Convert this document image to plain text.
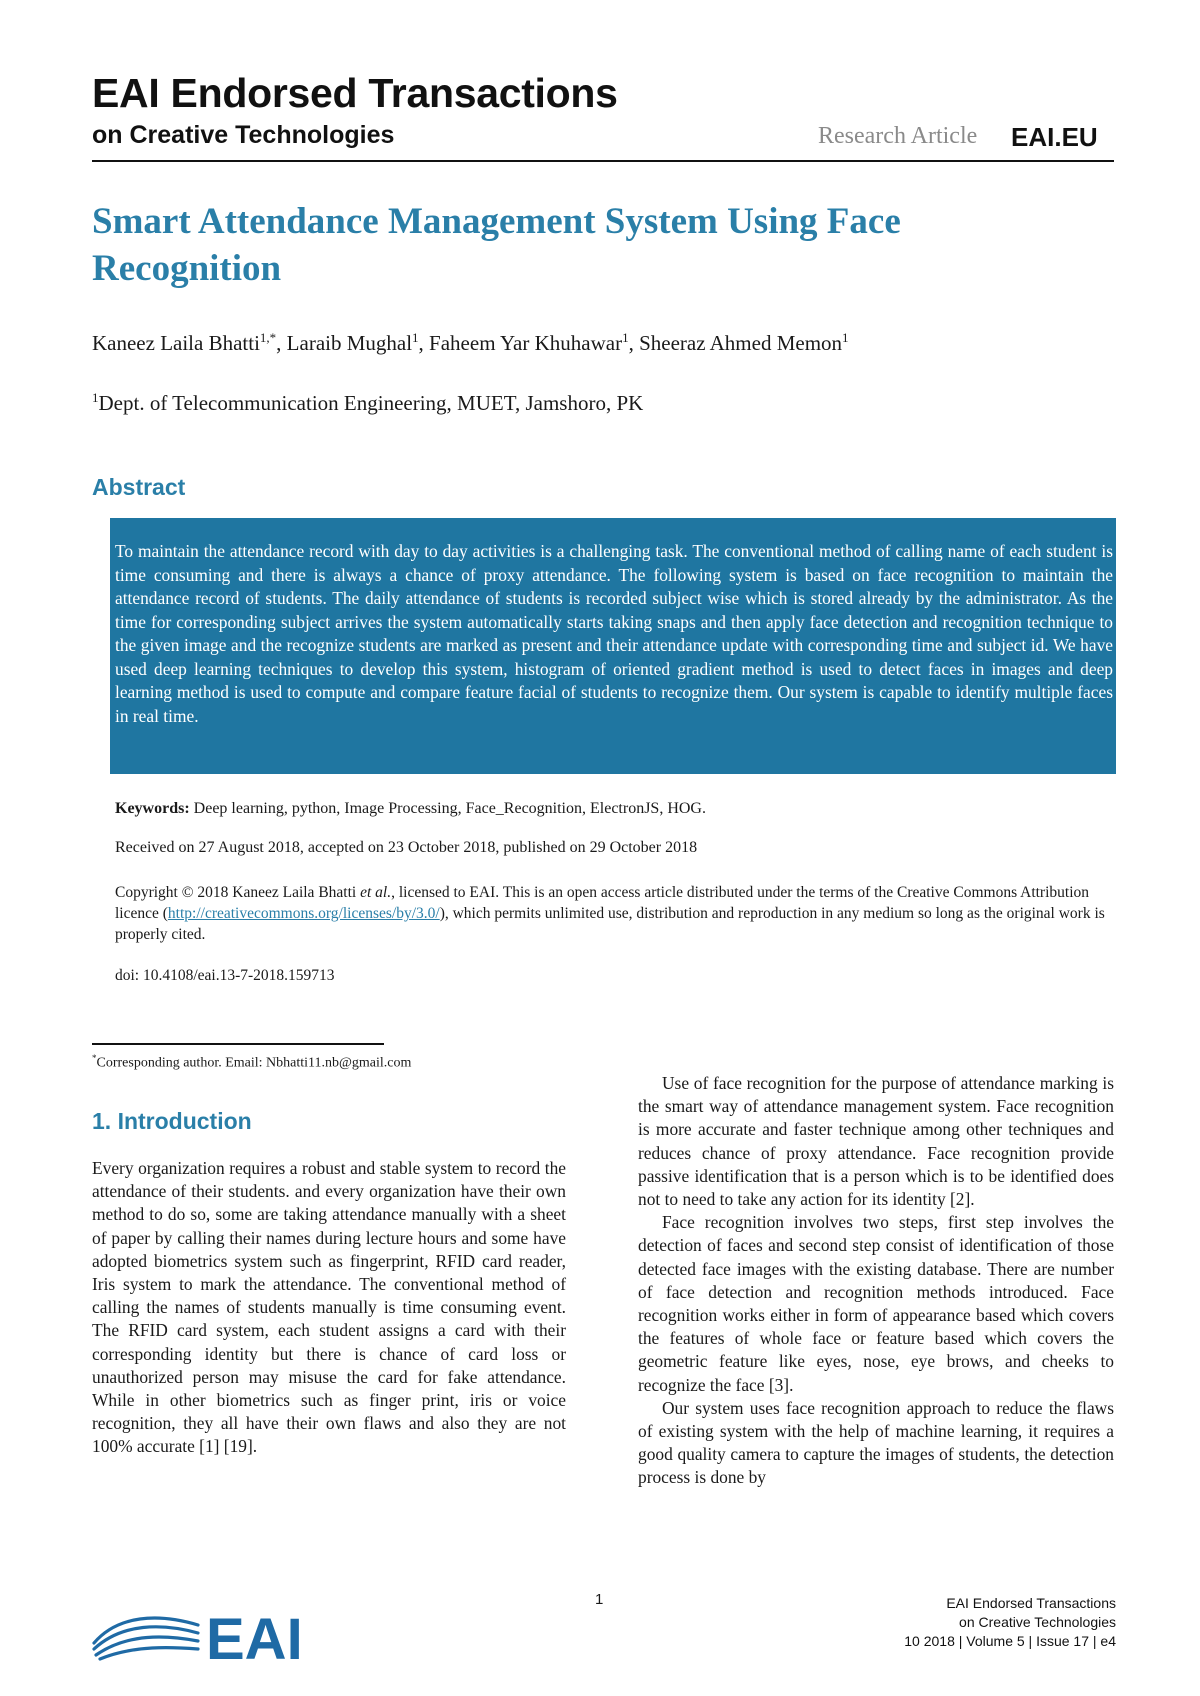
EAI Endorsed Transactions
on Creative Technologies	Research Article EAI.EU
Smart Attendance Management System Using Face Recognition
Kaneez Laila Bhatti$^{1,*}$, Laraib Mughal$^1$, Faheem Yar Khuhawar$^1$, Sheeraz Ahmed Memon$^1$
$^1$Dept. of Telecommunication Engineering, MUET, Jamshoro, PK
Abstract
To maintain the attendance record with day to day activities is a challenging task. The conventional method of calling name of each student is time consuming and there is always a chance of proxy attendance. The following system is based on face recognition to maintain the attendance record of students. The daily attendance of students is recorded subject wise which is stored already by the administrator. As the time for corresponding subject arrives the system automatically starts taking snaps and then apply face detection and recognition technique to the given image and the recognize students are marked as present and their attendance update with corresponding time and subject id. We have used deep learning techniques to develop this system, histogram of oriented gradient method is used to detect faces in images and deep learning method is used to compute and compare feature facial of students to recognize them. Our system is capable to identify multiple faces in real time.
Keywords: Deep learning, python, Image Processing, Face_Recognition, ElectronJS, HOG.
Received on 27 August 2018, accepted on 23 October 2018, published on 29 October 2018
Copyright © 2018 Kaneez Laila Bhatti et al., licensed to EAI. This is an open access article distributed under the terms of the Creative Commons Attribution licence (http://creativecommons.org/licenses/by/3.0/), which permits unlimited use, distribution and reproduction in any medium so long as the original work is properly cited.
doi: 10.4108/eai.13-7-2018.159713
*Corresponding author. Email: Nbhatti11.nb@gmail.com
1. Introduction

Every organization requires a robust and stable system to record the attendance of their students. and every organization have their own method to do so, some are taking attendance manually with a sheet of paper by calling their names during lecture hours and some have adopted biometrics system such as fingerprint, RFID card reader, Iris system to mark the attendance. The conventional method of calling the names of students manually is time consuming event. The RFID card system, each student assigns a card with their corresponding identity but there is chance of card loss or unauthorized person may misuse the card for fake attendance. While in other biometrics such as finger print, iris or voice recognition, they all have their own flaws and also they are not 100% accurate [1] [19].

Use of face recognition for the purpose of attendance marking is the smart way of attendance management system. Face recognition is more accurate and faster technique among other techniques and reduces chance of proxy attendance. Face recognition provide passive identification that is a person which is to be identified does not to need to take any action for its identity [2].

Face recognition involves two steps, first step involves the detection of faces and second step consist of identification of those detected face images with the existing database. There are number of face detection and recognition methods introduced. Face recognition works either in form of appearance based which covers the features of whole face or feature based which covers the geometric feature like eyes, nose, eye brows, and cheeks to recognize the face [3].

Our system uses face recognition approach to reduce the flaws of existing system with the help of machine learning, it requires a good quality camera to capture the images of students, the detection process is done by

1	EAI Endorsed Transactions
on Creative Technologies
10 2018 | Volume 5 | Issue 17 | e4
EAI
